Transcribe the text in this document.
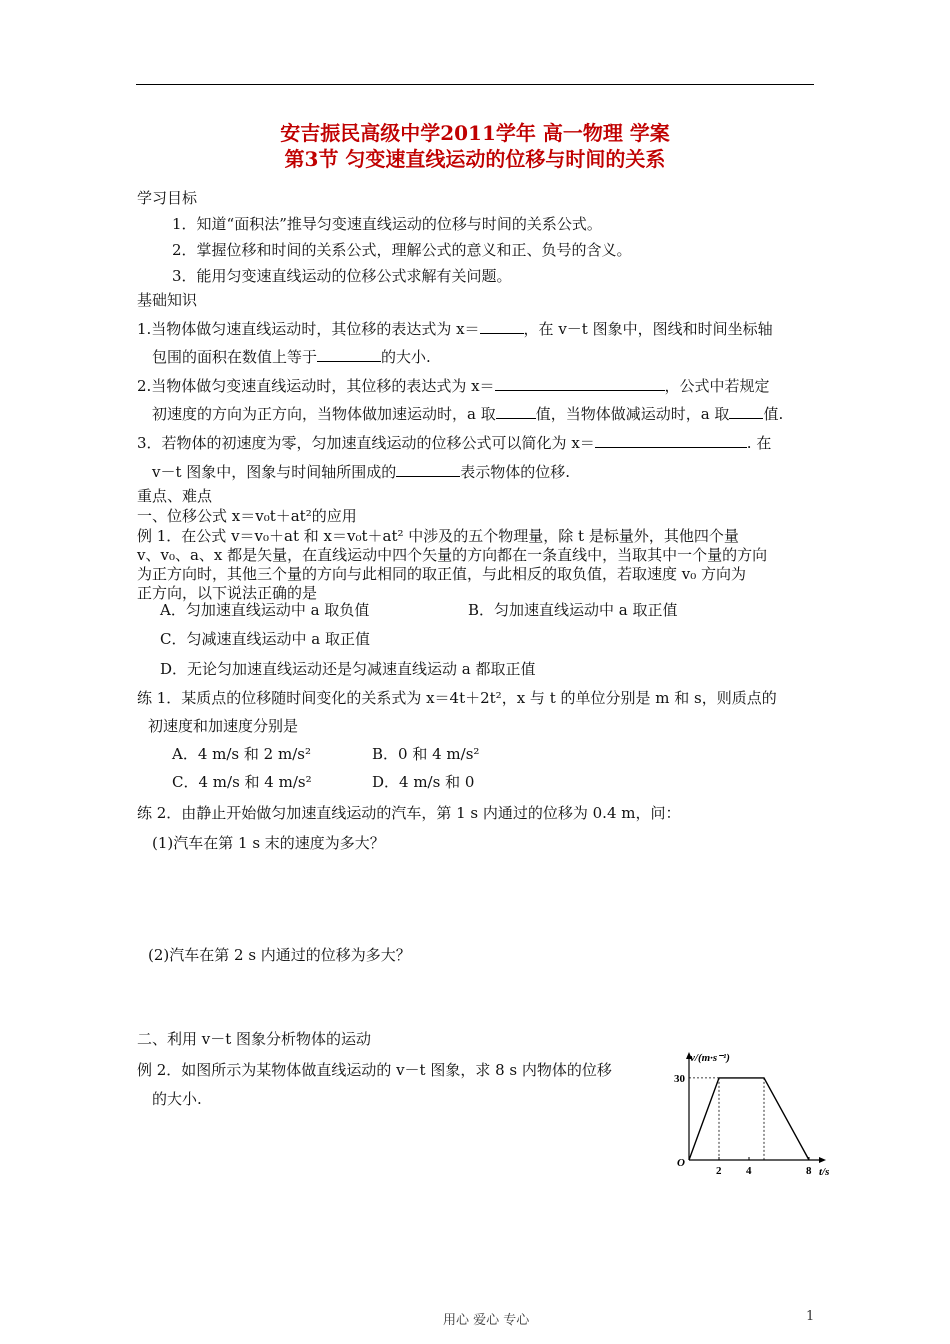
安吉振民高级中学2011学年 高一物理 学案
第3节 匀变速直线运动的位移与时间的关系
学习目标
1．知道“面积法”推导匀变速直线运动的位移与时间的关系公式。
2．掌握位移和时间的关系公式，理解公式的意义和正、负号的含义。
3．能用匀变速直线运动的位移公式求解有关问题。
基础知识
1.当物体做匀速直线运动时，其位移的表达式为 x＝	，在 v－t 图象中，图线和时间坐标轴
包围的面积在数值上等于	的大小.
2.当物体做匀变速直线运动时，其位移的表达式为 x＝	，公式中若规定
初速度的方向为正方向，当物体做加速运动时，a 取	值，当物体做减运动时，a 取 值.
3．若物体的初速度为零，匀加速直线运动的位移公式可以简化为 x＝	. 在
v－t 图象中，图象与时间轴所围成的	表示物体的位移.
重点、难点
一、位移公式 x＝v₀t＋at²的应用
例 1．在公式 v＝v₀＋at 和 x＝v₀t＋at² 中涉及的五个物理量，除 t 是标量外，其他四个量
v、v₀、a、x 都是矢量，在直线运动中四个矢量的方向都在一条直线中，当取其中一个量的方向
为正方向时，其他三个量的方向与此相同的取正值，与此相反的取负值，若取速度 v₀ 方向为
正方向，以下说法正确的是
A．匀加速直线运动中 a 取负值	B．匀加速直线运动中 a 取正值
C．匀减速直线运动中 a 取正值
D．无论匀加速直线运动还是匀减速直线运动 a 都取正值
练 1．某质点的位移随时间变化的关系式为 x＝4t＋2t²，x 与 t 的单位分别是 m 和 s，则质点的
初速度和加速度分别是
A．4 m/s 和 2 m/s²	B．0 和 4 m/s²
C．4 m/s 和 4 m/s²	D．4 m/s 和 0
练 2．由静止开始做匀加速直线运动的汽车，第 1 s 内通过的位移为 0.4 m，问：
(1)汽车在第 1 s 末的速度为多大？
(2)汽车在第 2 s 内通过的位移为多大？
二、利用 v－t 图象分析物体的运动
例 2．如图所示为某物体做直线运动的 v－t 图象，求 8 s 内物体的位移
的大小.
v/(m·s⁻¹)
t/s
O
2 4	8
30
用心 爱心 专心	1
